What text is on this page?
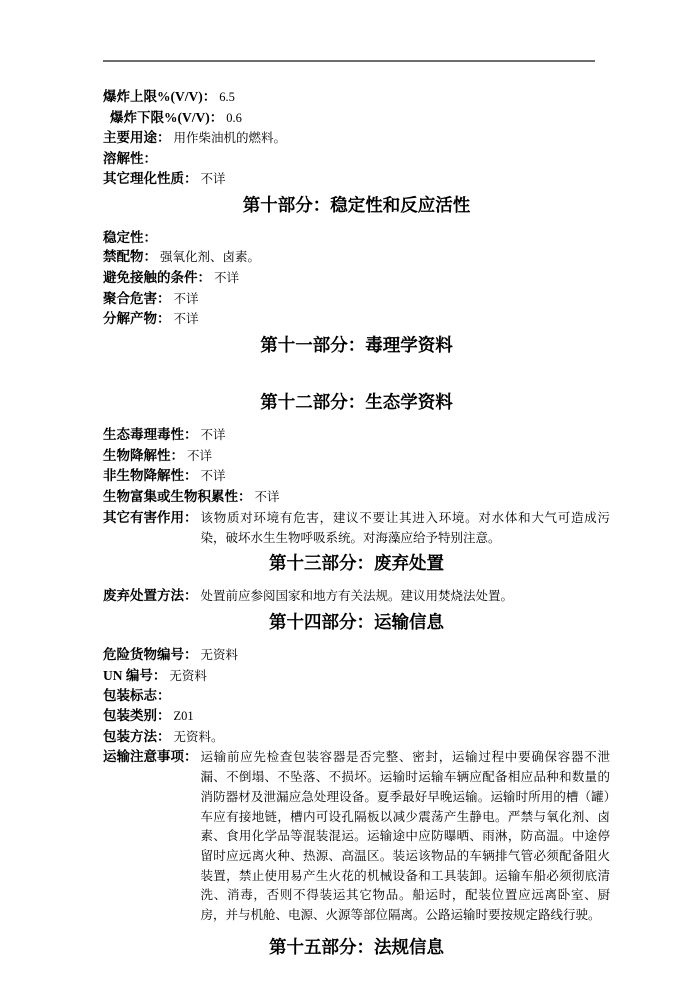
爆炸上限%(V/V)： 6.5
爆炸下限%(V/V)： 0.6
主要用途： 用作柴油机的燃料。
溶解性：
其它理化性质： 不详
第十部分：稳定性和反应活性
稳定性：
禁配物： 强氧化剂、卤素。
避免接触的条件： 不详
聚合危害： 不详
分解产物： 不详
第十一部分：毒理学资料
第十二部分：生态学资料
生态毒理毒性： 不详
生物降解性： 不详
非生物降解性： 不详
生物富集或生物积累性： 不详
其它有害作用： 该物质对环境有危害，建议不要让其进入环境。对水体和大气可造成污染，破坏水生生物呼吸系统。对海藻应给予特别注意。
第十三部分：废弃处置
废弃处置方法： 处置前应参阅国家和地方有关法规。建议用焚烧法处置。
第十四部分：运输信息
危险货物编号： 无资料
UN 编号： 无资料
包装标志：
包装类别： Z01
包装方法： 无资料。
运输注意事项： 运输前应先检查包装容器是否完整、密封，运输过程中要确保容器不泄漏、不倒塌、不坠落、不损坏。运输时运输车辆应配备相应品种和数量的消防器材及泄漏应急处理设备。夏季最好早晚运输。运输时所用的槽（罐）车应有接地链，槽内可设孔隔板以减少震荡产生静电。严禁与氧化剂、卤素、食用化学品等混装混运。运输途中应防曝晒、雨淋，防高温。中途停留时应远离火种、热源、高温区。装运该物品的车辆排气管必须配备阻火装置，禁止使用易产生火花的机械设备和工具装卸。运输车船必须彻底清洗、消毒，否则不得装运其它物品。船运时，配装位置应远离卧室、厨房，并与机舱、电源、火源等部位隔离。公路运输时要按规定路线行驶。
第十五部分：法规信息
